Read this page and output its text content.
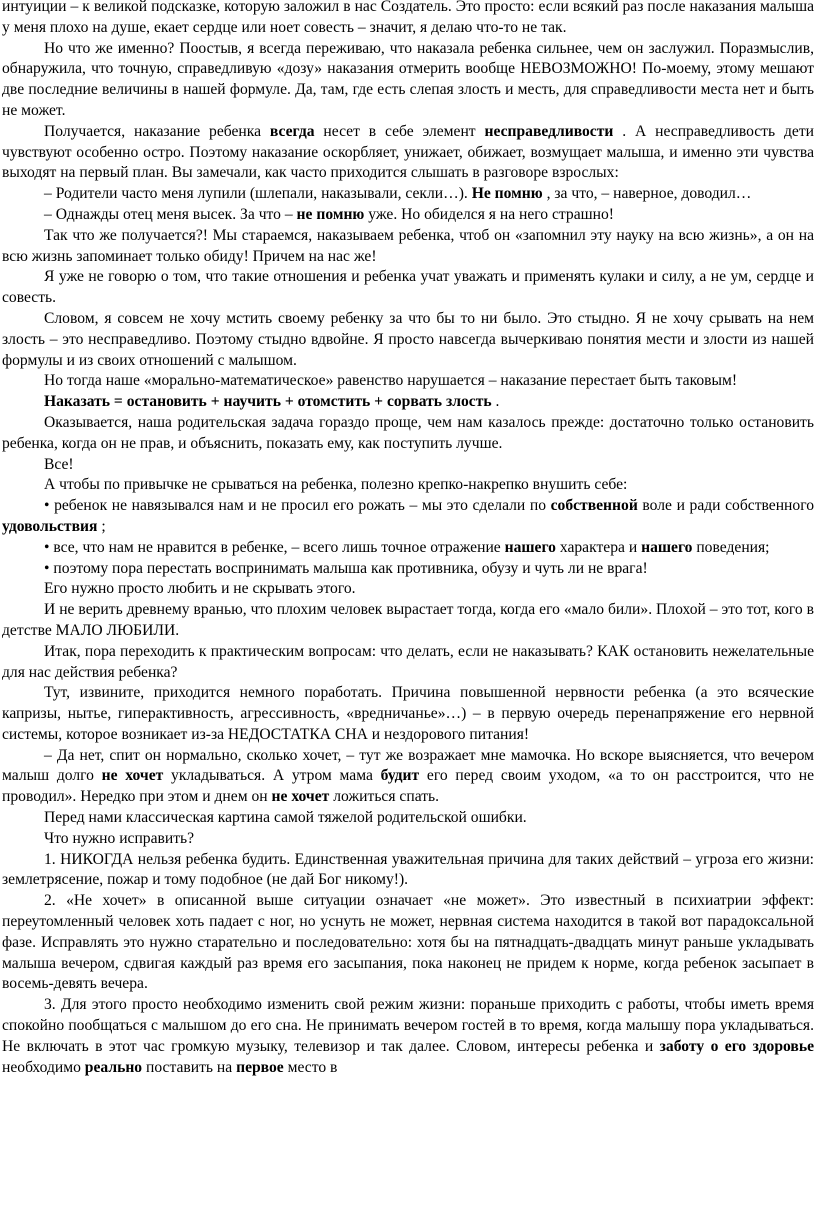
интуиции – к великой подсказке, которую заложил в нас Создатель. Это просто: если всякий раз после наказания малыша у меня плохо на душе, екает сердце или ноет совесть – значит, я делаю что-то не так.

Но что же именно? Поостыв, я всегда переживаю, что наказала ребенка сильнее, чем он заслужил. Поразмыслив, обнаружила, что точную, справедливую «дозу» наказания отмерить вообще НЕВОЗМОЖНО! По-моему, этому мешают две последние величины в нашей формуле. Да, там, где есть слепая злость и месть, для справедливости места нет и быть не может.

Получается, наказание ребенка всегда несет в себе элемент несправедливости . А несправедливость дети чувствуют особенно остро. Поэтому наказание оскорбляет, унижает, обижает, возмущает малыша, и именно эти чувства выходят на первый план. Вы замечали, как часто приходится слышать в разговоре взрослых:

– Родители часто меня лупили (шлепали, наказывали, секли…). Не помню , за что, – наверное, доводил…

– Однажды отец меня высек. За что – не помню уже. Но обиделся я на него страшно!

Так что же получается?! Мы стараемся, наказываем ребенка, чтоб он «запомнил эту науку на всю жизнь», а он на всю жизнь запоминает только обиду! Причем на нас же!

Я уже не говорю о том, что такие отношения и ребенка учат уважать и применять кулаки и силу, а не ум, сердце и совесть.

Словом, я совсем не хочу мстить своему ребенку за что бы то ни было. Это стыдно. Я не хочу срывать на нем злость – это несправедливо. Поэтому стыдно вдвойне. Я просто навсегда вычеркиваю понятия мести и злости из нашей формулы и из своих отношений с малышом.

Но тогда наше «морально-математическое» равенство нарушается – наказание перестает быть таковым!

Наказать = остановить + научить + отомстить + сорвать злость .

Оказывается, наша родительская задача гораздо проще, чем нам казалось прежде: достаточно только остановить ребенка, когда он не прав, и объяснить, показать ему, как поступить лучше.

Все!

А чтобы по привычке не срываться на ребенка, полезно крепко-накрепко внушить себе:

• ребенок не навязывался нам и не просил его рожать – мы это сделали по собственной воле и ради собственного удовольствия ;

• все, что нам не нравится в ребенке, – всего лишь точное отражение нашего характера и нашего поведения;

• поэтому пора перестать воспринимать малыша как противника, обузу и чуть ли не врага!

Его нужно просто любить и не скрывать этого.

И не верить древнему вранью, что плохим человек вырастает тогда, когда его «мало били». Плохой – это тот, кого в детстве МАЛО ЛЮБИЛИ.

Итак, пора переходить к практическим вопросам: что делать, если не наказывать? КАК остановить нежелательные для нас действия ребенка?

Тут, извините, приходится немного поработать. Причина повышенной нервности ребенка (а это всяческие капризы, нытье, гиперактивность, агрессивность, «вредничанье»…) – в первую очередь перенапряжение его нервной системы, которое возникает из-за НЕДОСТАТКА СНА и нездорового питания!

– Да нет, спит он нормально, сколько хочет, – тут же возражает мне мамочка. Но вскоре выясняется, что вечером малыш долго не хочет укладываться. А утром мама будит его перед своим уходом, «а то он расстроится, что не проводил». Нередко при этом и днем он не хочет ложиться спать.

Перед нами классическая картина самой тяжелой родительской ошибки.

Что нужно исправить?

1. НИКОГДА нельзя ребенка будить. Единственная уважительная причина для таких действий – угроза его жизни: землетрясение, пожар и тому подобное (не дай Бог никому!).

2. «Не хочет» в описанной выше ситуации означает «не может». Это известный в психиатрии эффект: переутомленный человек хоть падает с ног, но уснуть не может, нервная система находится в такой вот парадоксальной фазе. Исправлять это нужно старательно и последовательно: хотя бы на пятнадцать-двадцать минут раньше укладывать малыша вечером, сдвигая каждый раз время его засыпания, пока наконец не придем к норме, когда ребенок засыпает в восемь-девять вечера.

3. Для этого просто необходимо изменить свой режим жизни: пораньше приходить с работы, чтобы иметь время спокойно пообщаться с малышом до его сна. Не принимать вечером гостей в то время, когда малышу пора укладываться. Не включать в этот час громкую музыку, телевизор и так далее. Словом, интересы ребенка и заботу о его здоровье необходимо реально поставить на первое место в
